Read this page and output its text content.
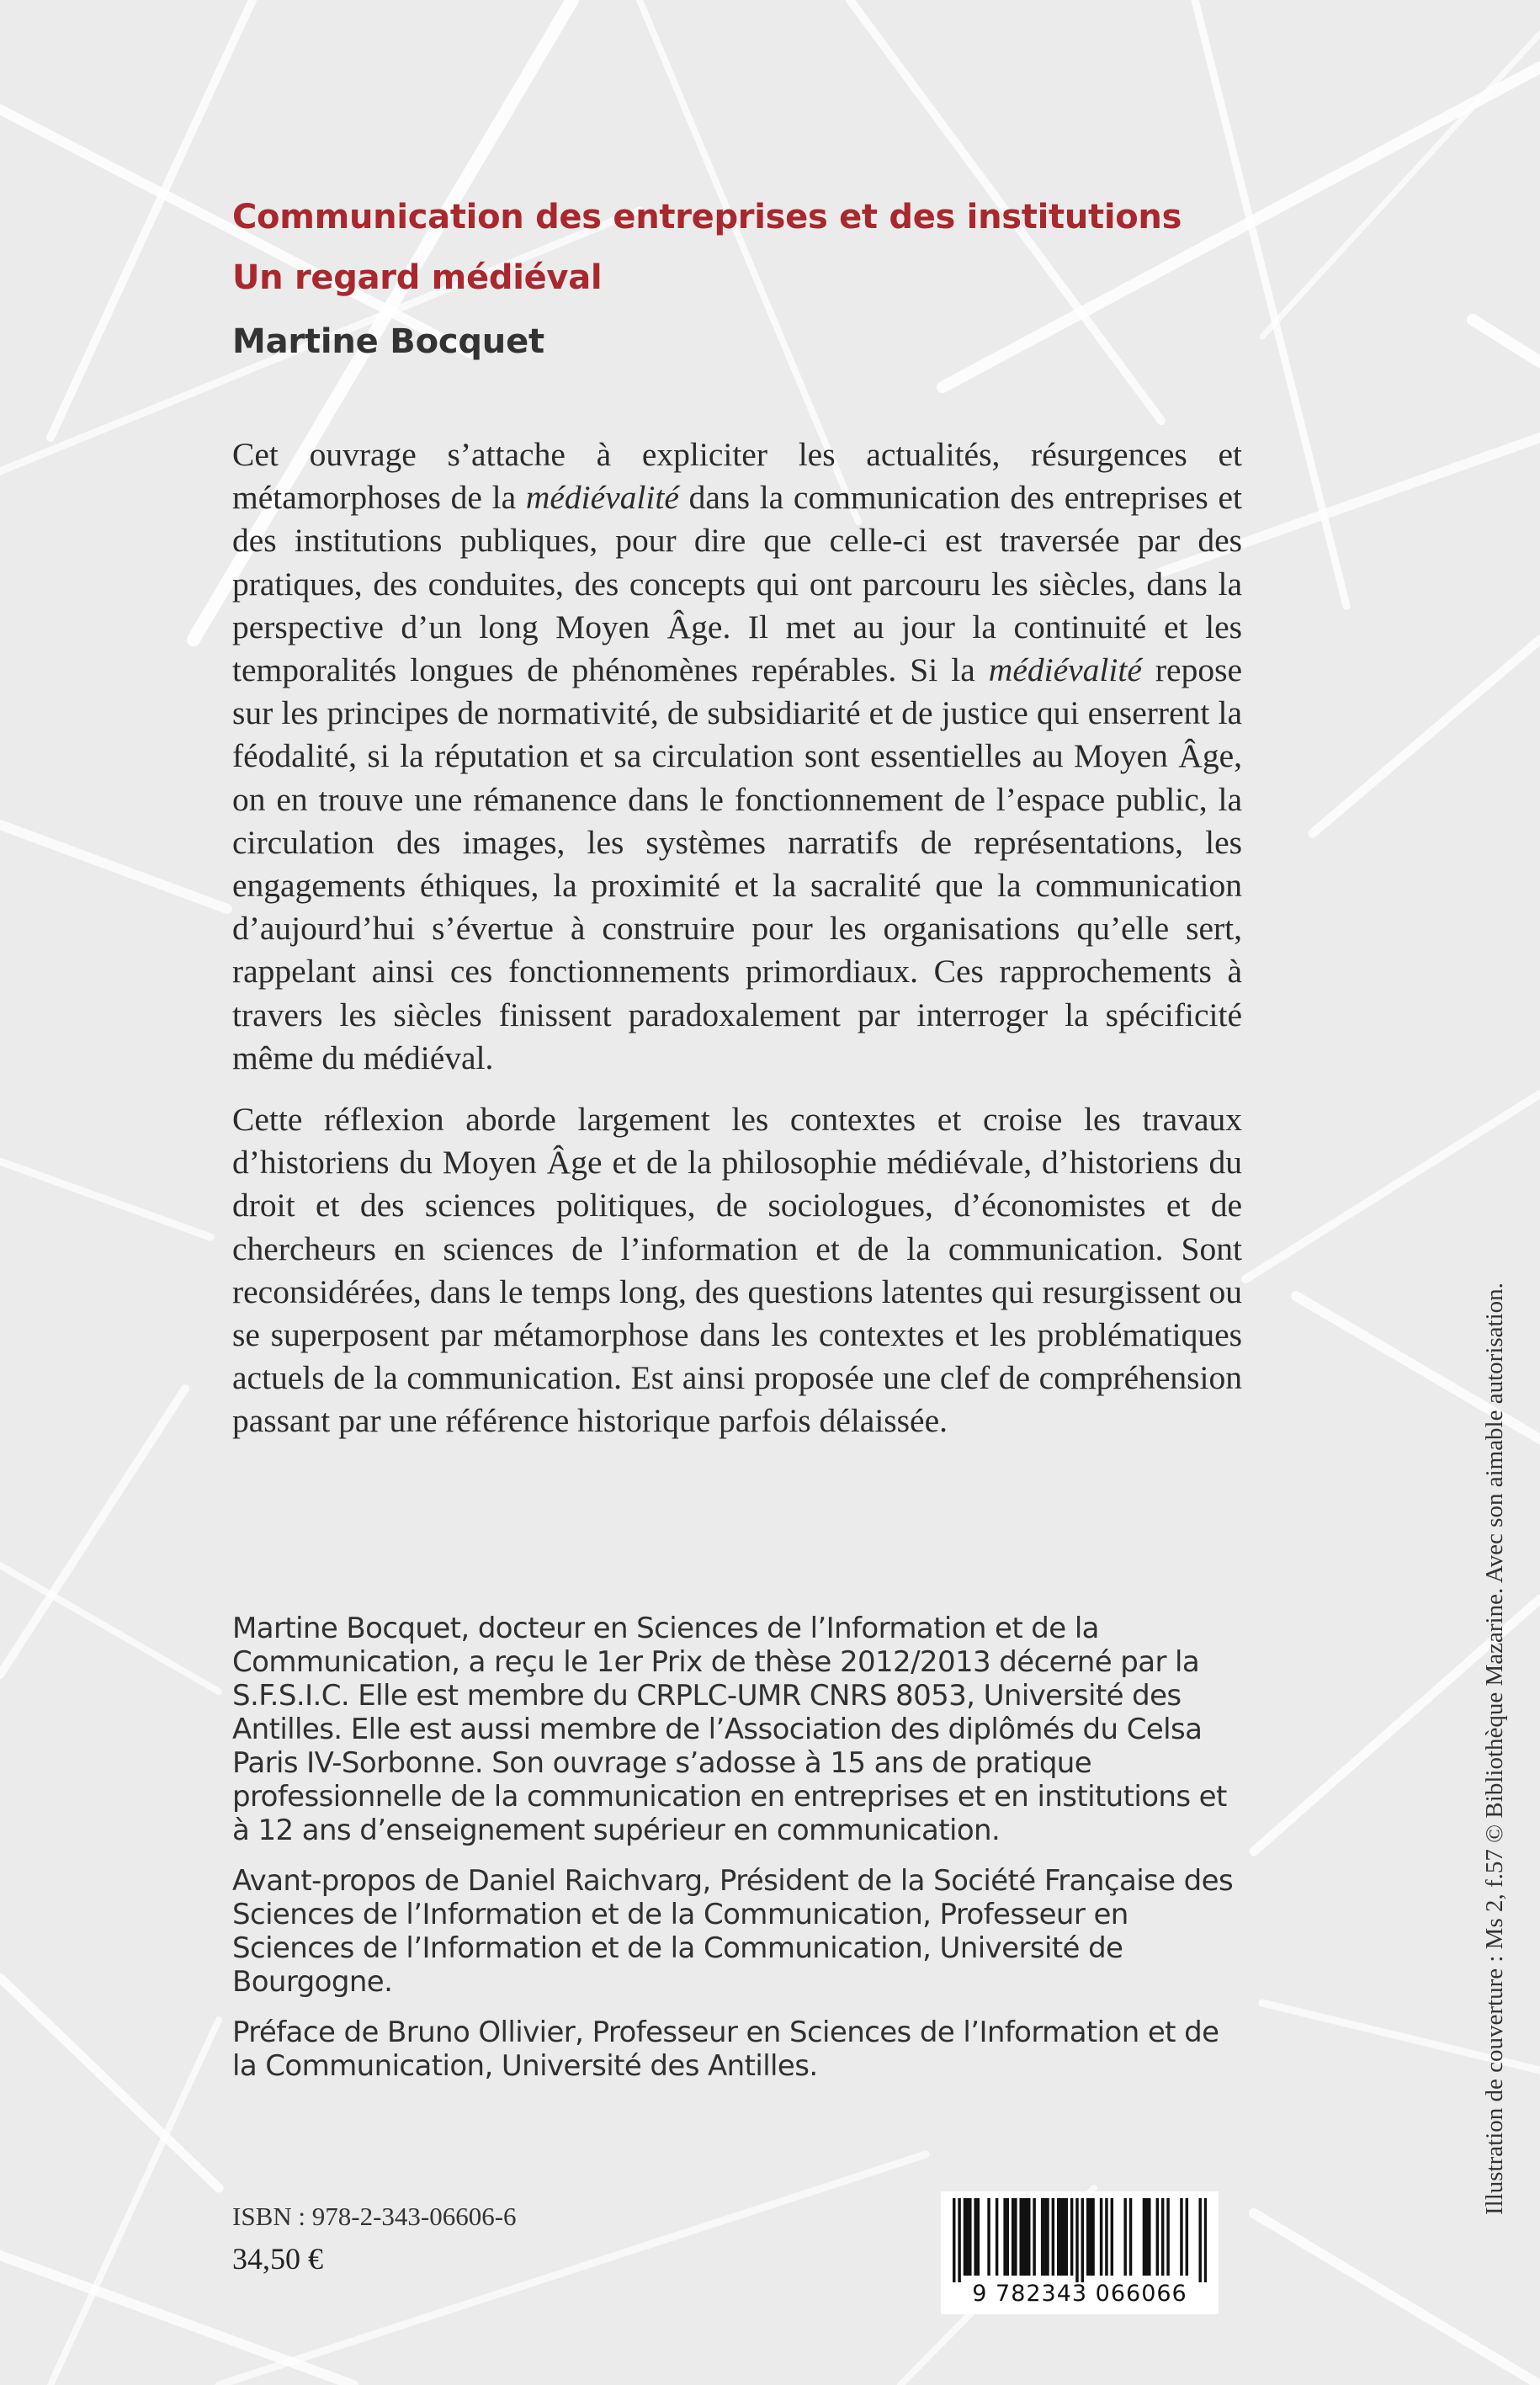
Communication des entreprises et des institutions
Un regard médiéval
Martine Bocquet

Cet ouvrage s’attache à expliciter les actualités, résurgences et métamorphoses de la médiévalité dans la communication des entreprises et des institutions publiques, pour dire que celle-ci est traversée par des pratiques, des conduites, des concepts qui ont parcouru les siècles, dans la perspective d’un long Moyen Âge. Il met au jour la continuité et les temporalités longues de phénomènes repérables. Si la médiévalité repose sur les principes de normativité, de subsidiarité et de justice qui enserrent la féodalité, si la réputation et sa circulation sont essentielles au Moyen Âge, on en trouve une rémanence dans le fonctionnement de l’espace public, la circulation des images, les systèmes narratifs de représentations, les engagements éthiques, la proximité et la sacralité que la communication d’aujourd’hui s’évertue à construire pour les organisations qu’elle sert, rappelant ainsi ces fonctionnements primordiaux. Ces rapprochements à travers les siècles finissent paradoxalement par interroger la spécificité même du médiéval.

Cette réflexion aborde largement les contextes et croise les travaux d’historiens du Moyen Âge et de la philosophie médiévale, d’historiens du droit et des sciences politiques, de sociologues, d’économistes et de chercheurs en sciences de l’information et de la communication. Sont reconsidérées, dans le temps long, des questions latentes qui resurgissent ou se superposent par métamorphose dans les contextes et les problématiques actuels de la communication. Est ainsi proposée une clef de compréhension passant par une référence historique parfois délaissée.

Martine Bocquet, docteur en Sciences de l’Information et de la Communication, a reçu le 1er Prix de thèse 2012/2013 décerné par la S.F.S.I.C. Elle est membre du CRPLC-UMR CNRS 8053, Université des Antilles. Elle est aussi membre de l’Association des diplômés du Celsa Paris IV-Sorbonne. Son ouvrage s’adosse à 15 ans de pratique professionnelle de la communication en entreprises et en institutions et à 12 ans d’enseignement supérieur en communication.

Avant-propos de Daniel Raichvarg, Président de la Société Française des Sciences de l’Information et de la Communication, Professeur en Sciences de l’Information et de la Communication, Université de Bourgogne.

Préface de Bruno Ollivier, Professeur en Sciences de l’Information et de la Communication, Université des Antilles.	Illustration de couverture : Ms 2, f.57 © Bibliothèque Mazarine. Avec son aimable autorisation.
ISBN : 978-2-343-06606-6
34,50 €
9 782343 066066
